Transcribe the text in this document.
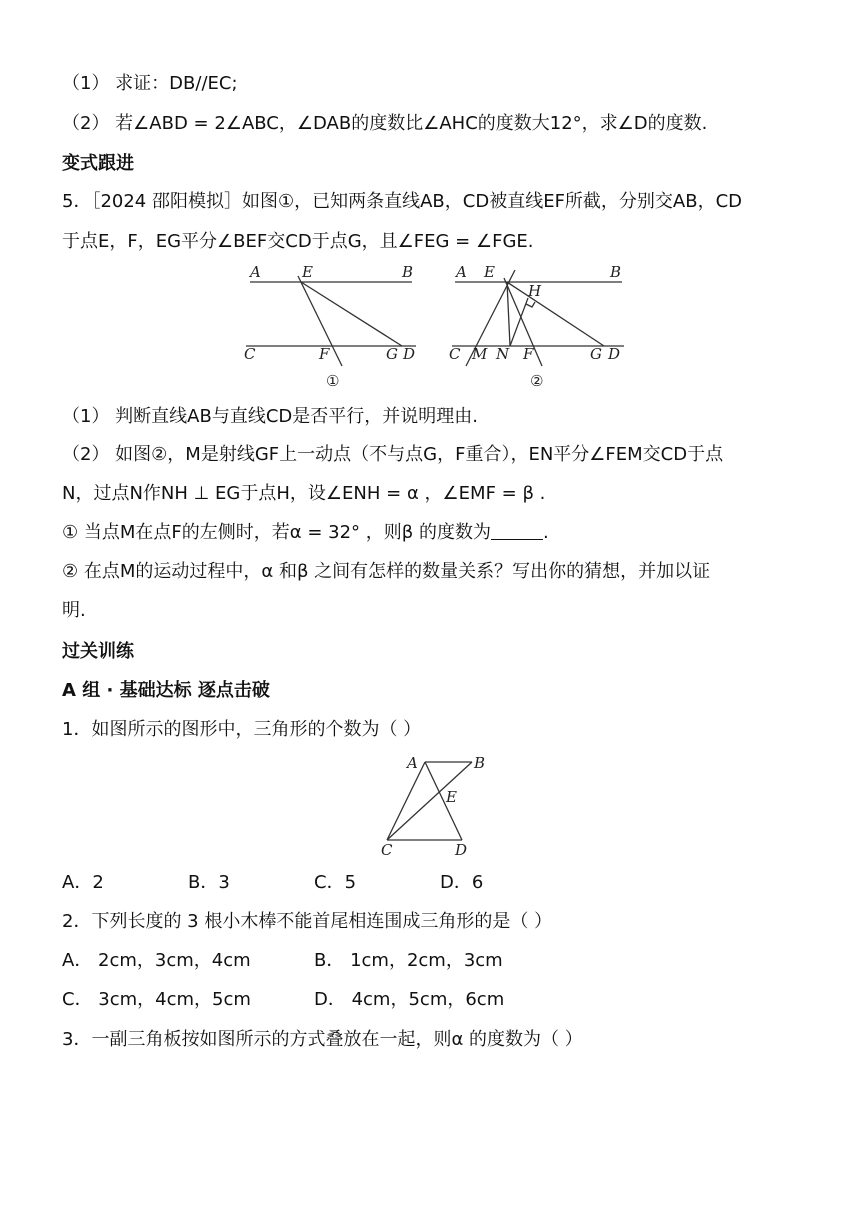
（1） 求证：DB//EC;
（2） 若∠ABD = 2∠ABC，∠DAB的度数比∠AHC的度数大12°，求∠D的度数.
变式跟进
5．［2024 邵阳模拟］如图①，已知两条直线AB，CD被直线EF所截，分别交AB，CD
于点E，F，EG平分∠BEF交CD于点G，且∠FEG = ∠FGE.
A	E	B
C	F	G D
①
A E	B
H
C M N F	G D
②
（1） 判断直线AB与直线CD是否平行，并说明理由.
（2） 如图②，M是射线GF上一动点（不与点G，F重合），EN平分∠FEM交CD于点
N，过点N作NH ⊥ EG于点H，设∠ENH = α ，∠EMF = β .
① 当点M在点F的左侧时，若α = 32° ，则β 的度数为	.
② 在点M的运动过程中，α 和β 之间有怎样的数量关系？写出你的猜想，并加以证
明.
过关训练
A 组 · 基础达标 逐点击破
1．如图所示的图形中，三角形的个数为（ ）
A	B
E
C	D
A．2	B．3	C．5	D．6
2．下列长度的 3 根小木棒不能首尾相连围成三角形的是（ ）
A． 2cm，3cm，4cm	B． 1cm，2cm，3cm
C． 3cm，4cm，5cm	D． 4cm，5cm，6cm
3．一副三角板按如图所示的方式叠放在一起，则α 的度数为（ ）
